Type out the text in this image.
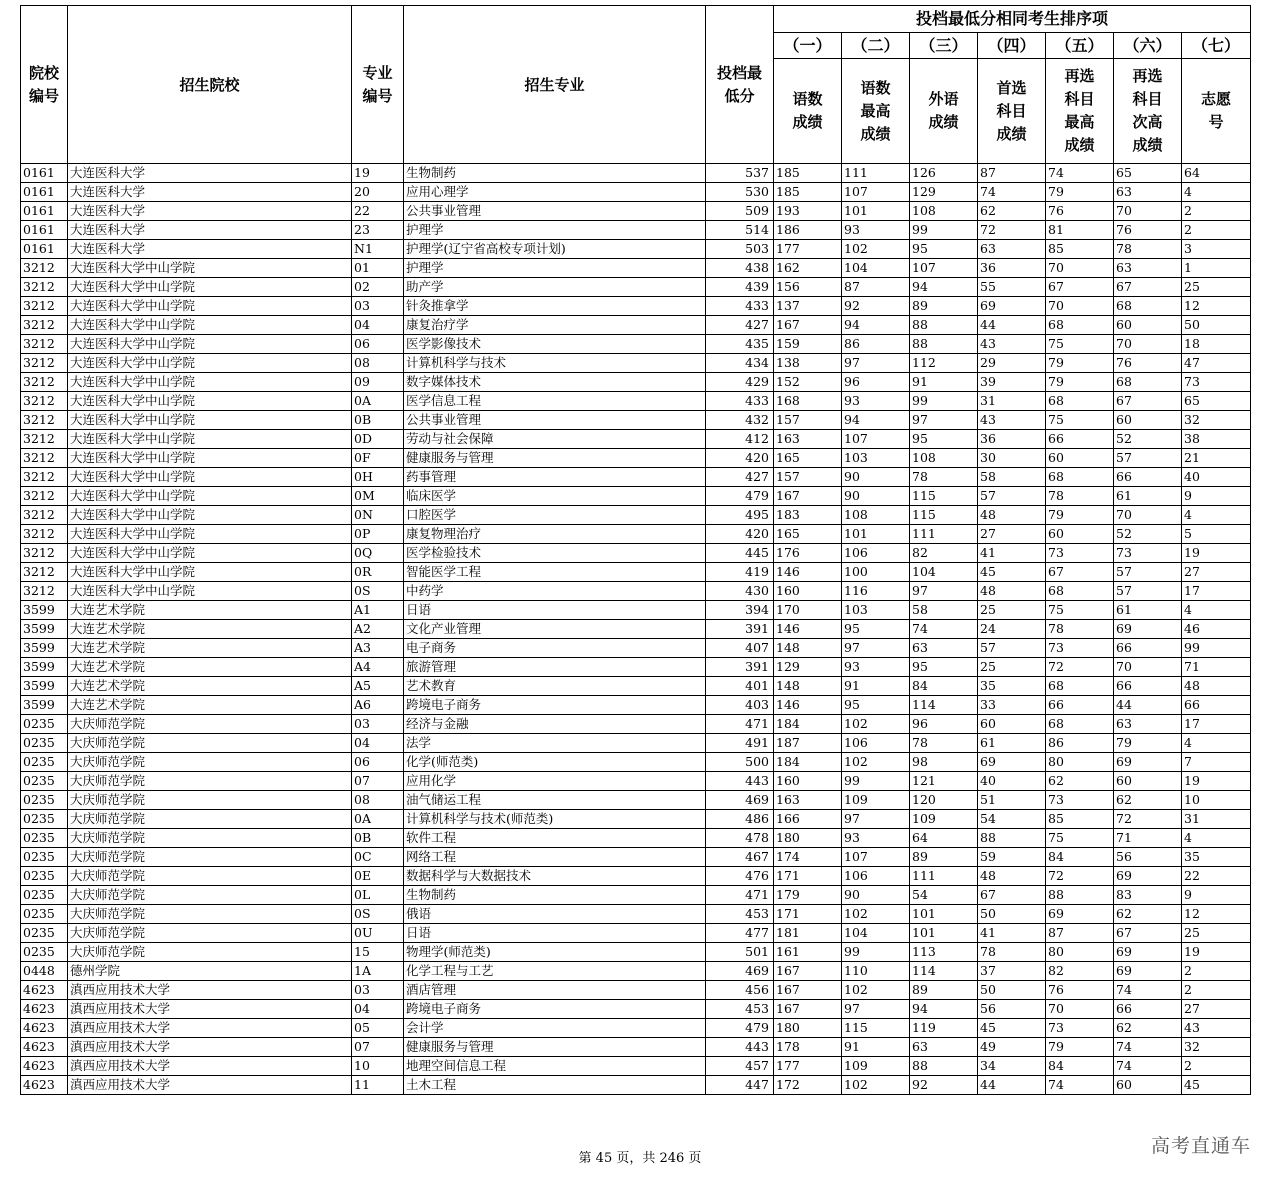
院校编号	招生院校	专业编号	招生专业	投档最低分	投档最低分相同考生排序项						
					（一）	（二）	（三）	（四）	（五）	（六）	（七）
					语数成绩	语数最高成绩	外语成绩	首选科目成绩	再选科目最高成绩	再选科目次高成绩	志愿号
0161	大连医科大学	19	生物制药	537	185	111	126	87	74	65	64
0161	大连医科大学	20	应用心理学	530	185	107	129	74	79	63	4
0161	大连医科大学	22	公共事业管理	509	193	101	108	62	76	70	2
0161	大连医科大学	23	护理学	514	186	93	99	72	81	76	2
0161	大连医科大学	N1	护理学(辽宁省高校专项计划)	503	177	102	95	63	85	78	3
3212	大连医科大学中山学院	01	护理学	438	162	104	107	36	70	63	1
3212	大连医科大学中山学院	02	助产学	439	156	87	94	55	67	67	25
3212	大连医科大学中山学院	03	针灸推拿学	433	137	92	89	69	70	68	12
3212	大连医科大学中山学院	04	康复治疗学	427	167	94	88	44	68	60	50
3212	大连医科大学中山学院	06	医学影像技术	435	159	86	88	43	75	70	18
3212	大连医科大学中山学院	08	计算机科学与技术	434	138	97	112	29	79	76	47
3212	大连医科大学中山学院	09	数字媒体技术	429	152	96	91	39	79	68	73
3212	大连医科大学中山学院	0A	医学信息工程	433	168	93	99	31	68	67	65
3212	大连医科大学中山学院	0B	公共事业管理	432	157	94	97	43	75	60	32
3212	大连医科大学中山学院	0D	劳动与社会保障	412	163	107	95	36	66	52	38
3212	大连医科大学中山学院	0F	健康服务与管理	420	165	103	108	30	60	57	21
3212	大连医科大学中山学院	0H	药事管理	427	157	90	78	58	68	66	40
3212	大连医科大学中山学院	0M	临床医学	479	167	90	115	57	78	61	9
3212	大连医科大学中山学院	0N	口腔医学	495	183	108	115	48	79	70	4
3212	大连医科大学中山学院	0P	康复物理治疗	420	165	101	111	27	60	52	5
3212	大连医科大学中山学院	0Q	医学检验技术	445	176	106	82	41	73	73	19
3212	大连医科大学中山学院	0R	智能医学工程	419	146	100	104	45	67	57	27
3212	大连医科大学中山学院	0S	中药学	430	160	116	97	48	68	57	17
3599	大连艺术学院	A1	日语	394	170	103	58	25	75	61	4
3599	大连艺术学院	A2	文化产业管理	391	146	95	74	24	78	69	46
3599	大连艺术学院	A3	电子商务	407	148	97	63	57	73	66	99
3599	大连艺术学院	A4	旅游管理	391	129	93	95	25	72	70	71
3599	大连艺术学院	A5	艺术教育	401	148	91	84	35	68	66	48
3599	大连艺术学院	A6	跨境电子商务	403	146	95	114	33	66	44	66
0235	大庆师范学院	03	经济与金融	471	184	102	96	60	68	63	17
0235	大庆师范学院	04	法学	491	187	106	78	61	86	79	4
0235	大庆师范学院	06	化学(师范类)	500	184	102	98	69	80	69	7
0235	大庆师范学院	07	应用化学	443	160	99	121	40	62	60	19
0235	大庆师范学院	08	油气储运工程	469	163	109	120	51	73	62	10
0235	大庆师范学院	0A	计算机科学与技术(师范类)	486	166	97	109	54	85	72	31
0235	大庆师范学院	0B	软件工程	478	180	93	64	88	75	71	4
0235	大庆师范学院	0C	网络工程	467	174	107	89	59	84	56	35
0235	大庆师范学院	0E	数据科学与大数据技术	476	171	106	111	48	72	69	22
0235	大庆师范学院	0L	生物制药	471	179	90	54	67	88	83	9
0235	大庆师范学院	0S	俄语	453	171	102	101	50	69	62	12
0235	大庆师范学院	0U	日语	477	181	104	101	41	87	67	25
0235	大庆师范学院	15	物理学(师范类)	501	161	99	113	78	80	69	19
0448	德州学院	1A	化学工程与工艺	469	167	110	114	37	82	69	2
4623	滇西应用技术大学	03	酒店管理	456	167	102	89	50	76	74	2
4623	滇西应用技术大学	04	跨境电子商务	453	167	97	94	56	70	66	27
4623	滇西应用技术大学	05	会计学	479	180	115	119	45	73	62	43
4623	滇西应用技术大学	07	健康服务与管理	443	178	91	63	49	79	74	32
4623	滇西应用技术大学	10	地理空间信息工程	457	177	109	88	34	84	74	2
4623	滇西应用技术大学	11	土木工程	447	172	102	92	44	74	60	45
第 45 页，共 246 页
高考直通车
